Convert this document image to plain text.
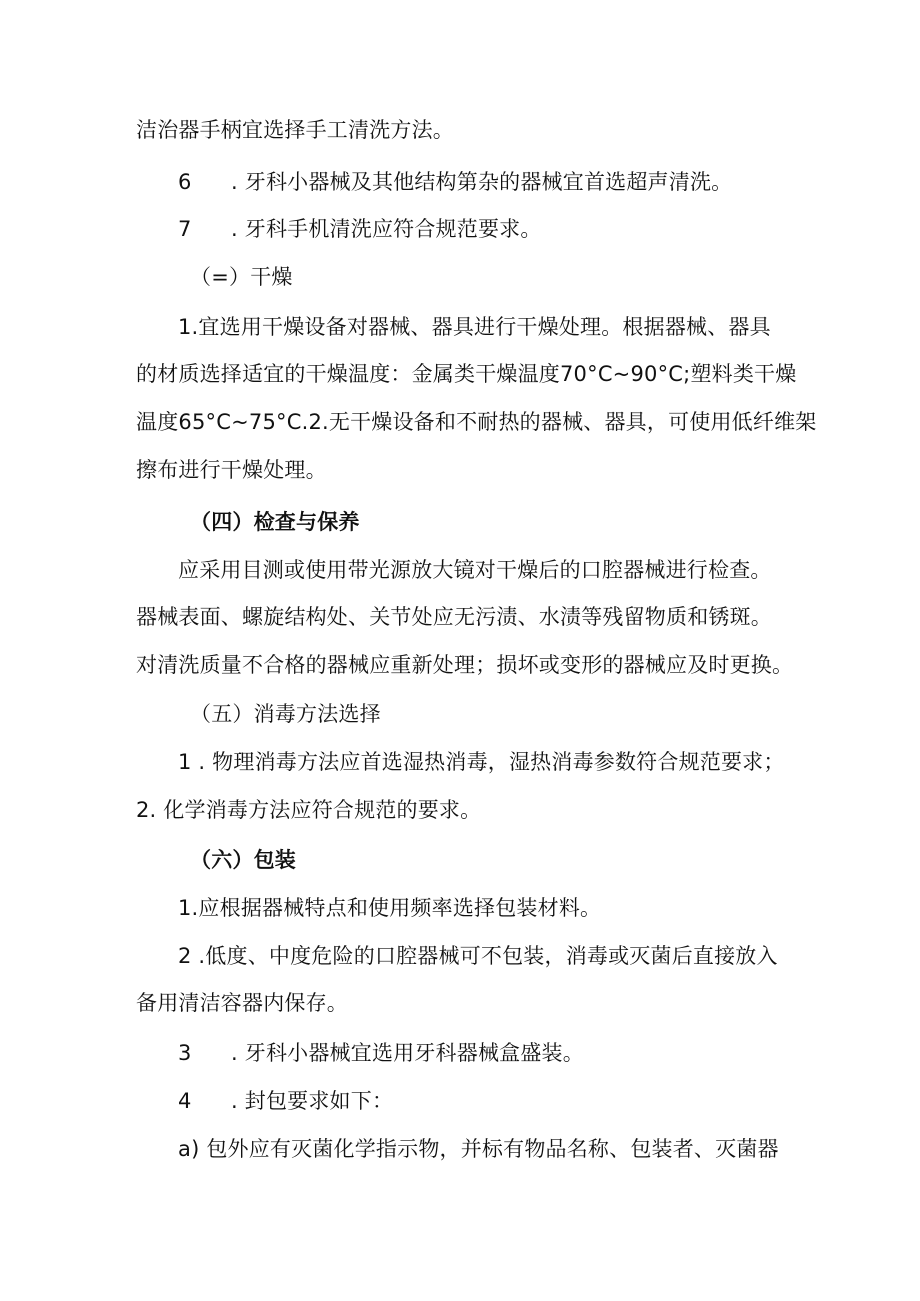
洁治器手柄宜选择手工清洗方法。
6 . 牙科小器械及其他结构第杂的器械宜首选超声清洗。
7 . 牙科手机清洗应符合规范要求。
（=）干燥
1.宜选用干燥设备对器械、器具进行干燥处理。根据器械、器具
的材质选择适宜的干燥温度：金属类干燥温度70°C~90°C;塑料类干燥
温度65°C~75°C.2.无干燥设备和不耐热的器械、器具，可使用低纤维架
擦布进行干燥处理。
（四）检查与保养
应采用目测或使用带光源放大镜对干燥后的口腔器械进行检查。
器械表面、螺旋结构处、关节处应无污渍、水渍等残留物质和锈斑。
对清洗质量不合格的器械应重新处理；损坏或变形的器械应及时更换。
（五）消毒方法选择
1 . 物理消毒方法应首选湿热消毒，湿热消毒参数符合规范要求；
2. 化学消毒方法应符合规范的要求。
（六）包装
1.应根据器械特点和使用频率选择包装材料。
2 .低度、中度危险的口腔器械可不包装，消毒或灭菌后直接放入
备用清洁容器内保存。
3 . 牙科小器械宜选用牙科器械盒盛装。
4 . 封包要求如下：
a) 包外应有灭菌化学指示物，并标有物品名称、包装者、灭菌器
